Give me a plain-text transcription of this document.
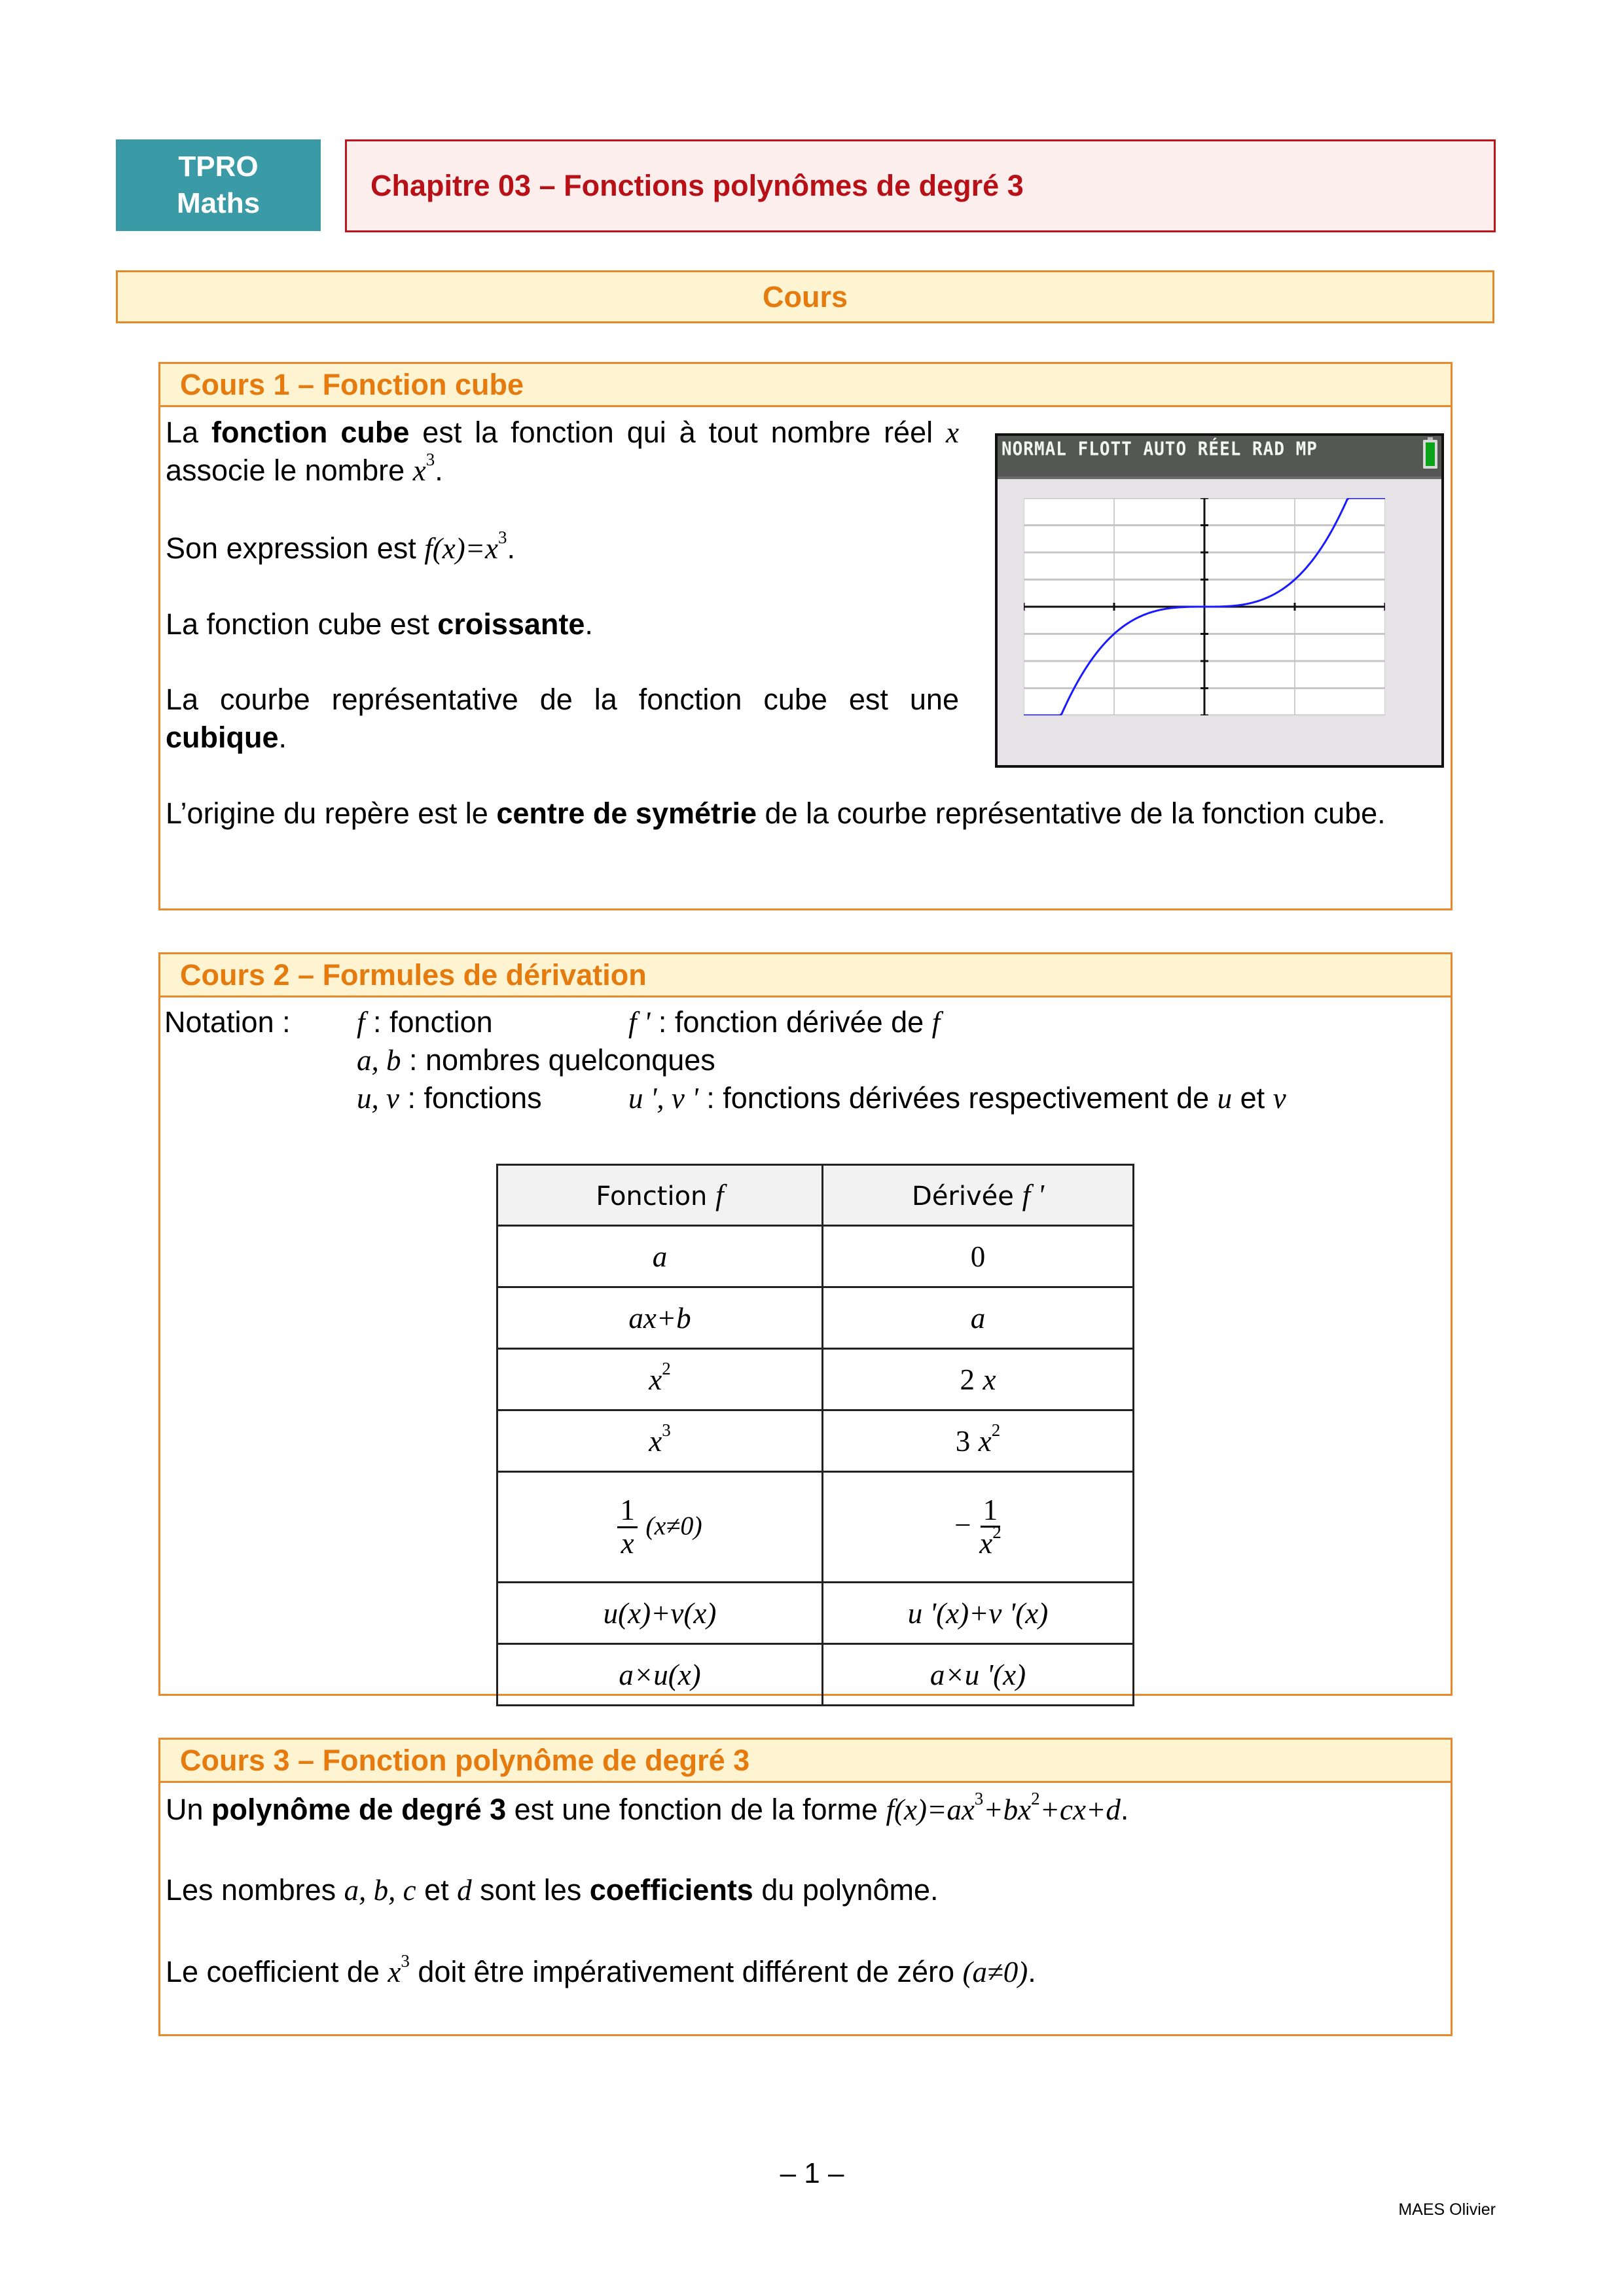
TPRO
Maths
Chapitre 03 – Fonctions polynômes de degré 3
Cours
Cours 1 – Fonction cube
La fonction cube est la fonction qui à tout nombre réel x associe le nombre $x^3$.
Son expression est $f(x)=x^3$.
La fonction cube est croissante.
La courbe représentative de la fonction cube est une cubique.
L’origine du repère est le centre de symétrie de la courbe représentative de la fonction cube.
NORMAL FLOTT AUTO RÉEL RAD MP
Cours 2 – Formules de dérivation
Notation : f : fonction	f ' : fonction dérivée de f
a, b : nombres quelconques
u, v : fonctions	u ', v ' : fonctions dérivées respectivement de u et v
Fonction f	Dérivée f '
a	0
ax+b	a
$x^2$	2 x
$x^3$	3 $x^2$

$\frac{1}{x} (x\ne 0)$	− $\frac{1}{x^2}$

u(x)+v(x)	u '(x)+v '(x)
a×u(x)	a×u '(x)
Cours 3 – Fonction polynôme de degré 3
Un polynôme de degré 3 est une fonction de la forme $f(x)=ax^3+bx^2+cx+d$.
Les nombres a, b, c et d sont les coefficients du polynôme.
Le coefficient de $x^3$ doit être impérativement différent de zéro (a≠0).
– 1 –
MAES Olivier
